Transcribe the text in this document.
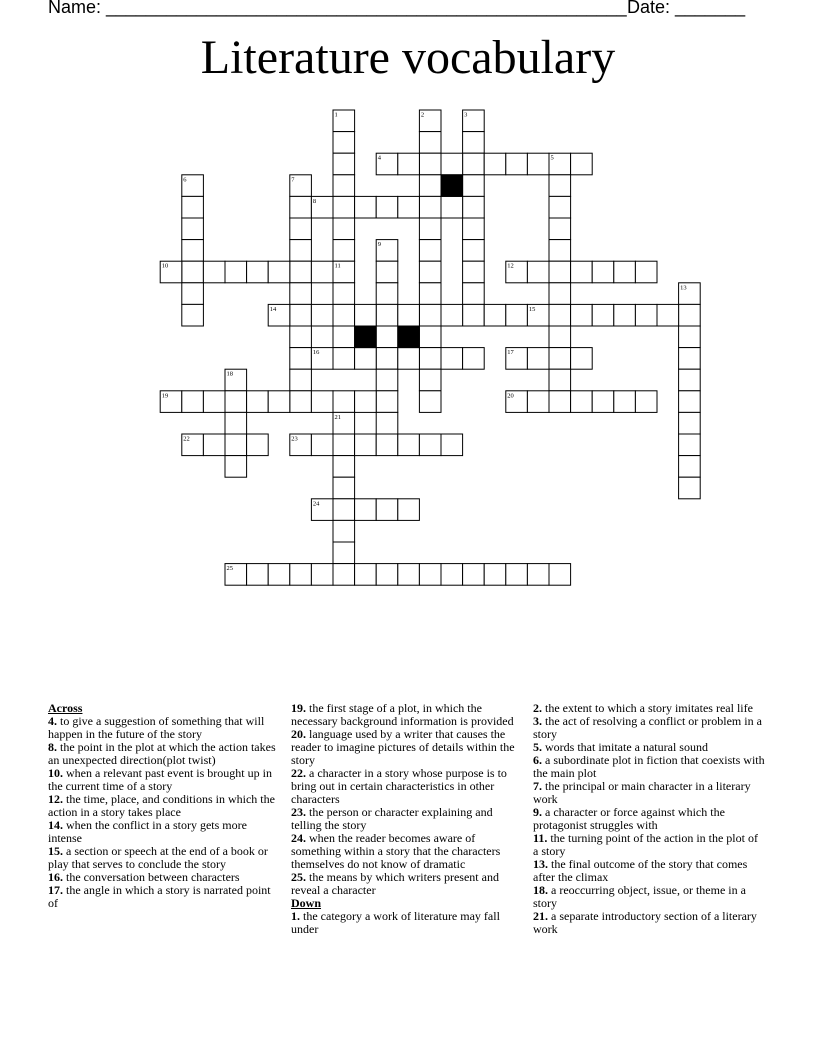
Name: ____________________________________________________ Date: _______
Literature vocabulary
1	2	3
4	5
6	7
8
9
10	11	12
13
14	15
16	17
18
19	20
21
22	23
24
25
Across
4. to give a suggestion of something that will happen in the future of the story
8. the point in the plot at which the action takes an unexpected direction(plot twist)
10. when a relevant past event is brought up in the current time of a story
12. the time, place, and conditions in which the action in a story takes place
14. when the conflict in a story gets more intense
15. a section or speech at the end of a book or play that serves to conclude the story
16. the conversation between characters
17. the angle in which a story is narrated point of
19. the first stage of a plot, in which the necessary background information is provided
20. language used by a writer that causes the reader to imagine pictures of details within the story
22. a character in a story whose purpose is to bring out in certain characteristics in other characters
23. the person or character explaining and telling the story
24. when the reader becomes aware of something within a story that the characters themselves do not know of dramatic
25. the means by which writers present and reveal a character
Down
1. the category a work of literature may fall under
2. the extent to which a story imitates real life
3. the act of resolving a conflict or problem in a story
5. words that imitate a natural sound
6. a subordinate plot in fiction that coexists with the main plot
7. the principal or main character in a literary work
9. a character or force against which the protagonist struggles with
11. the turning point of the action in the plot of a story
13. the final outcome of the story that comes after the climax
18. a reoccurring object, issue, or theme in a story
21. a separate introductory section of a literary work
